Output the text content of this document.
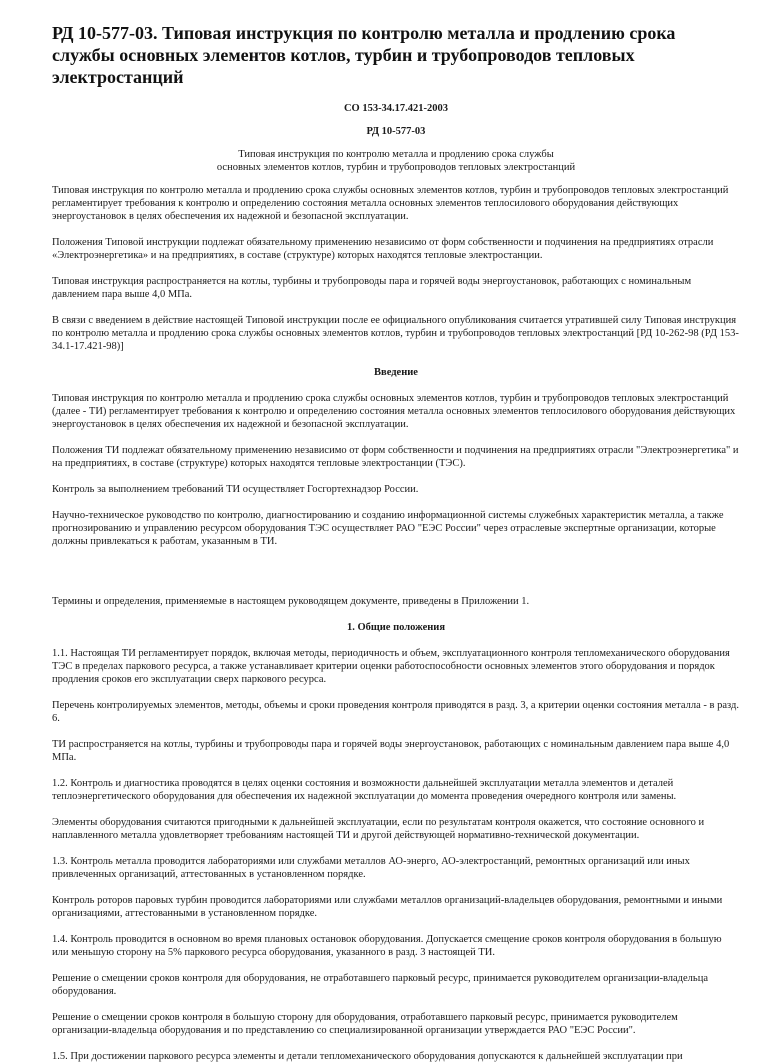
РД 10-577-03. Типовая инструкция по контролю металла и продлению срока службы основных элементов котлов, турбин и трубопроводов тепловых электростанций
СО 153-34.17.421-2003
РД 10-577-03
Типовая инструкция по контролю металла и продлению срока службы
основных элементов котлов, турбин и трубопроводов тепловых электростанций

Типовая инструкция по контролю металла и продлению срока службы основных элементов котлов, турбин и трубопроводов тепловых электростанций регламентирует требования к контролю и определению состояния металла основных элементов теплосилового оборудования действующих энергоустановок в целях обеспечения их надежной и безопасной эксплуатации.

Положения Типовой инструкции подлежат обязательному применению независимо от форм собственности и подчинения на предприятиях отрасли «Электроэнергетика» и на предприятиях, в составе (структуре) которых находятся тепловые электростанции.

Типовая инструкция распространяется на котлы, турбины и трубопроводы пара и горячей воды энергоустановок, работающих с номинальным давлением пара выше 4,0 МПа.

В связи с введением в действие настоящей Типовой инструкции после ее официального опубликования считается утратившей силу Типовая инструкция по контролю металла и продлению срока службы основных элементов котлов, турбин и трубопроводов тепловых электростанций [РД 10-262-98 (РД 153-34.1-17.421-98)]

Введение

Типовая инструкция по контролю металла и продлению срока службы основных элементов котлов, турбин и трубопроводов тепловых электростанций (далее - ТИ) регламентирует требования к контролю и определению состояния металла основных элементов теплосилового оборудования действующих энергоустановок в целях обеспечения их надежной и безопасной эксплуатации.

Положения ТИ подлежат обязательному применению независимо от форм собственности и подчинения на предприятиях отрасли "Электроэнергетика" и на предприятиях, в составе (структуре) которых находятся тепловые электростанции (ТЭС).

Контроль за выполнением требований ТИ осуществляет Госгортехнадзор России.

Научно-техническое руководство по контролю, диагностированию и созданию информационной системы служебных характеристик металла, а также прогнозированию и управлению ресурсом оборудования ТЭС осуществляет РАО "ЕЭС России" через отраслевые экспертные организации, которые должны привлекаться к работам, указанным в ТИ.

Термины и определения, применяемые в настоящем руководящем документе, приведены в Приложении 1.

1. Общие положения

1.1. Настоящая ТИ регламентирует порядок, включая методы, периодичность и объем, эксплуатационного контроля тепломеханического оборудования ТЭС в пределах паркового ресурса, а также устанавливает критерии оценки работоспособности основных элементов этого оборудования и порядок продления сроков его эксплуатации сверх паркового ресурса.

Перечень контролируемых элементов, методы, объемы и сроки проведения контроля приводятся в разд. 3, а критерии оценки состояния металла - в разд. 6.

ТИ распространяется на котлы, турбины и трубопроводы пара и горячей воды энергоустановок, работающих с номинальным давлением пара выше 4,0 МПа.

1.2. Контроль и диагностика проводятся в целях оценки состояния и возможности дальнейшей эксплуатации металла элементов и деталей теплоэнергетического оборудования для обеспечения их надежной эксплуатации до момента проведения очередного контроля или замены.

Элементы оборудования считаются пригодными к дальнейшей эксплуатации, если по результатам контроля окажется, что состояние основного и наплавленного металла удовлетворяет требованиям настоящей ТИ и другой действующей нормативно-технической документации.

1.3. Контроль металла проводится лабораториями или службами металлов АО-энерго, АО-электростанций, ремонтных организаций или иных привлеченных организаций, аттестованных в установленном порядке.

Контроль роторов паровых турбин проводится лабораториями или службами металлов организаций-владельцев оборудования, ремонтными и иными организациями, аттестованными в установленном порядке.

1.4. Контроль проводится в основном во время плановых остановок оборудования. Допускается смещение сроков контроля оборудования в большую или меньшую сторону на 5% паркового ресурса оборудования, указанного в разд. 3 настоящей ТИ.

Решение о смещении сроков контроля для оборудования, не отработавшего парковый ресурс, принимается руководителем организации-владельца оборудования.

Решение о смещении сроков контроля в большую сторону для оборудования, отработавшего парковый ресурс, принимается руководителем организации-владельца оборудования и по представлению со специализированной организации утверждается РАО "ЕЭС России".

1.5. При достижении паркового ресурса элементы и детали тепломеханического оборудования допускаются к дальнейшей эксплуатации при
